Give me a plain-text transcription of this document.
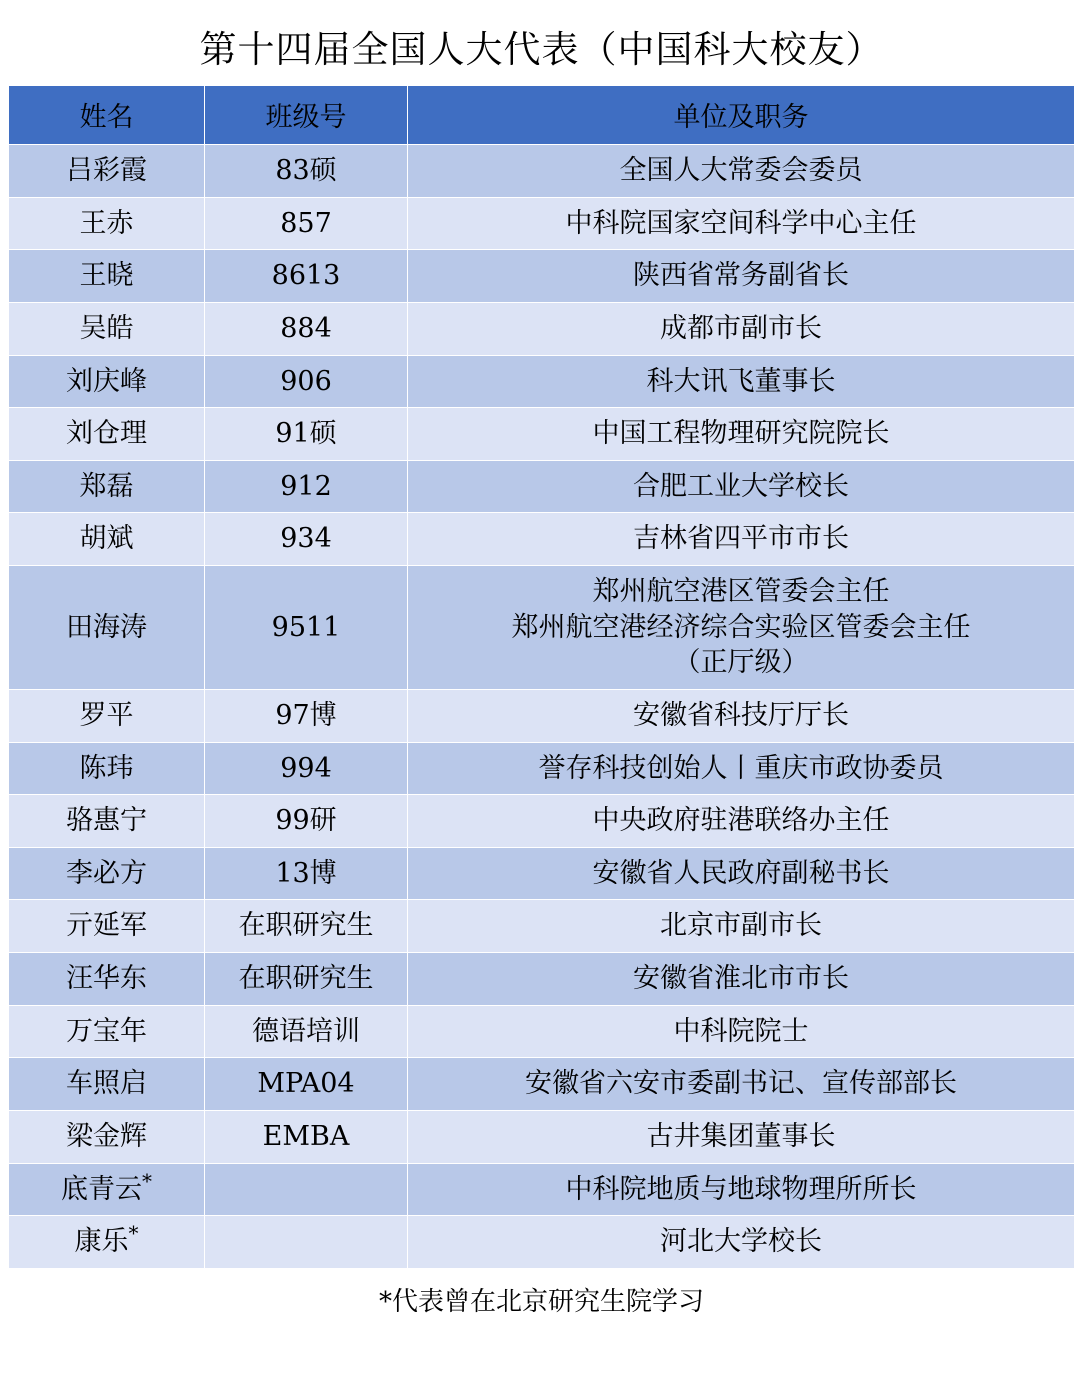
第十四届全国人大代表（中国科大校友）		
姓名	班级号	单位及职务
吕彩霞	83硕	全国人大常委会委员

王赤	857	中科院国家空间科学中心主任

王晓	8613	陕西省常务副省长

吴皓	884	成都市副市长

刘庆峰	906	科大讯飞董事长

刘仓理	91硕	中国工程物理研究院院长

郑磊	912	合肥工业大学校长

胡斌	934	吉林省四平市市长

田海涛	9511	郑州航空港区管委会主任
郑州航空港经济综合实验区管委会主任
（正厅级）

罗平	97博	安徽省科技厅厅长

陈玮	994	誉存科技创始人丨重庆市政协委员

骆惠宁	99研	中央政府驻港联络办主任

李必方	13博	安徽省人民政府副秘书长

亓延军	在职研究生	北京市副市长

汪华东	在职研究生	安徽省淮北市市长

万宝年	德语培训	中科院院士

车照启	MPA04	安徽省六安市委副书记、宣传部部长

梁金辉	EMBA	古井集团董事长

底青云*		中科院地质与地球物理所所长

康乐*		河北大学校长

*代表曾在北京研究生院学习		
